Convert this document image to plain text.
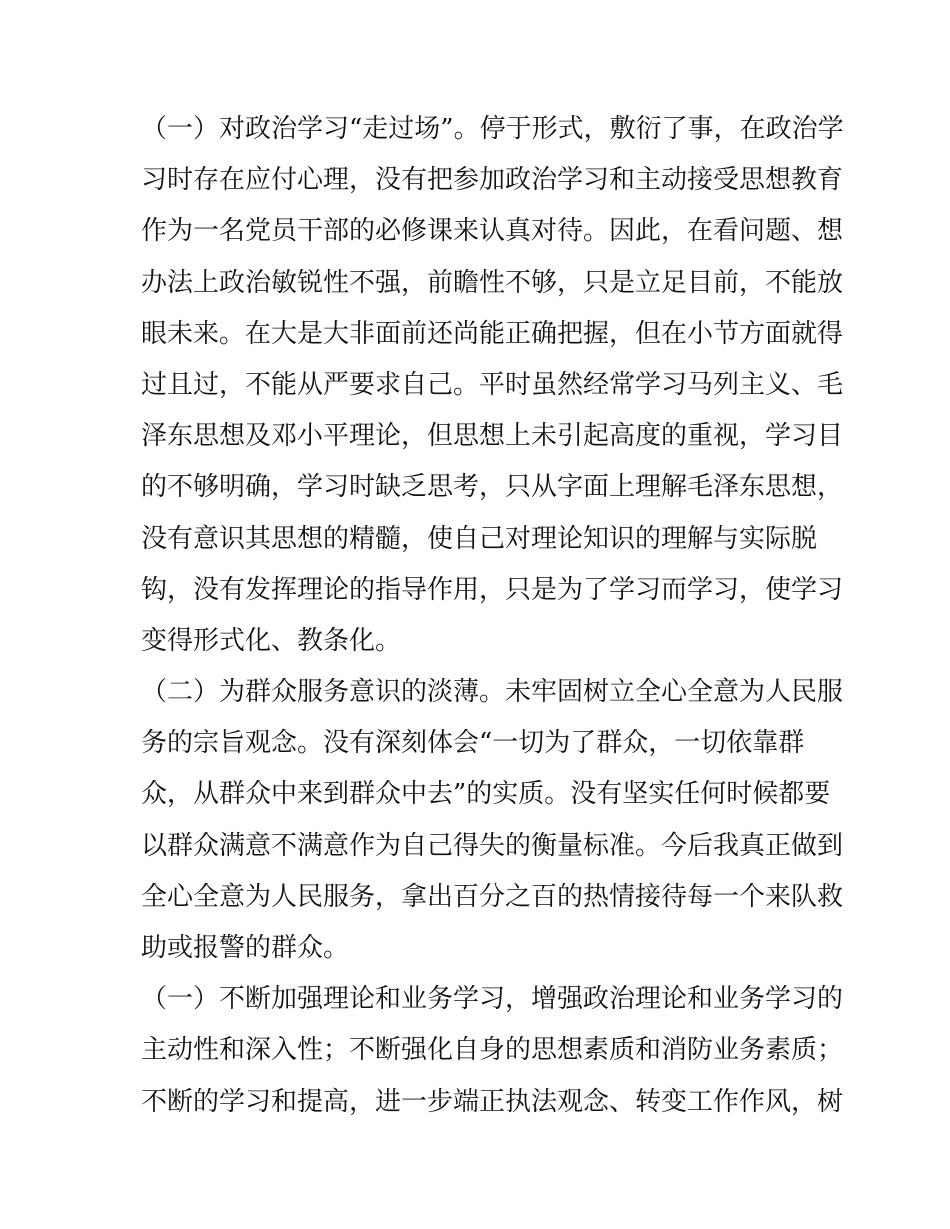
（一）对政治学习“走过场”。停于形式，敷衍了事，在政治学
习时存在应付心理，没有把参加政治学习和主动接受思想教育
作为一名党员干部的必修课来认真对待。因此，在看问题、想
办法上政治敏锐性不强，前瞻性不够，只是立足目前，不能放
眼未来。在大是大非面前还尚能正确把握，但在小节方面就得
过且过，不能从严要求自己。平时虽然经常学习马列主义、毛
泽东思想及邓小平理论，但思想上未引起高度的重视，学习目
的不够明确，学习时缺乏思考，只从字面上理解毛泽东思想，
没有意识其思想的精髓，使自己对理论知识的理解与实际脱
钩，没有发挥理论的指导作用，只是为了学习而学习，使学习
变得形式化、教条化。
（二）为群众服务意识的淡薄。未牢固树立全心全意为人民服
务的宗旨观念。没有深刻体会“一切为了群众，一切依靠群
众，从群众中来到群众中去”的实质。没有坚实任何时候都要
以群众满意不满意作为自己得失的衡量标准。今后我真正做到
全心全意为人民服务，拿出百分之百的热情接待每一个来队救
助或报警的群众。
（一）不断加强理论和业务学习，增强政治理论和业务学习的
主动性和深入性；不断强化自身的思想素质和消防业务素质；
不断的学习和提高，进一步端正执法观念、转变工作作风，树
